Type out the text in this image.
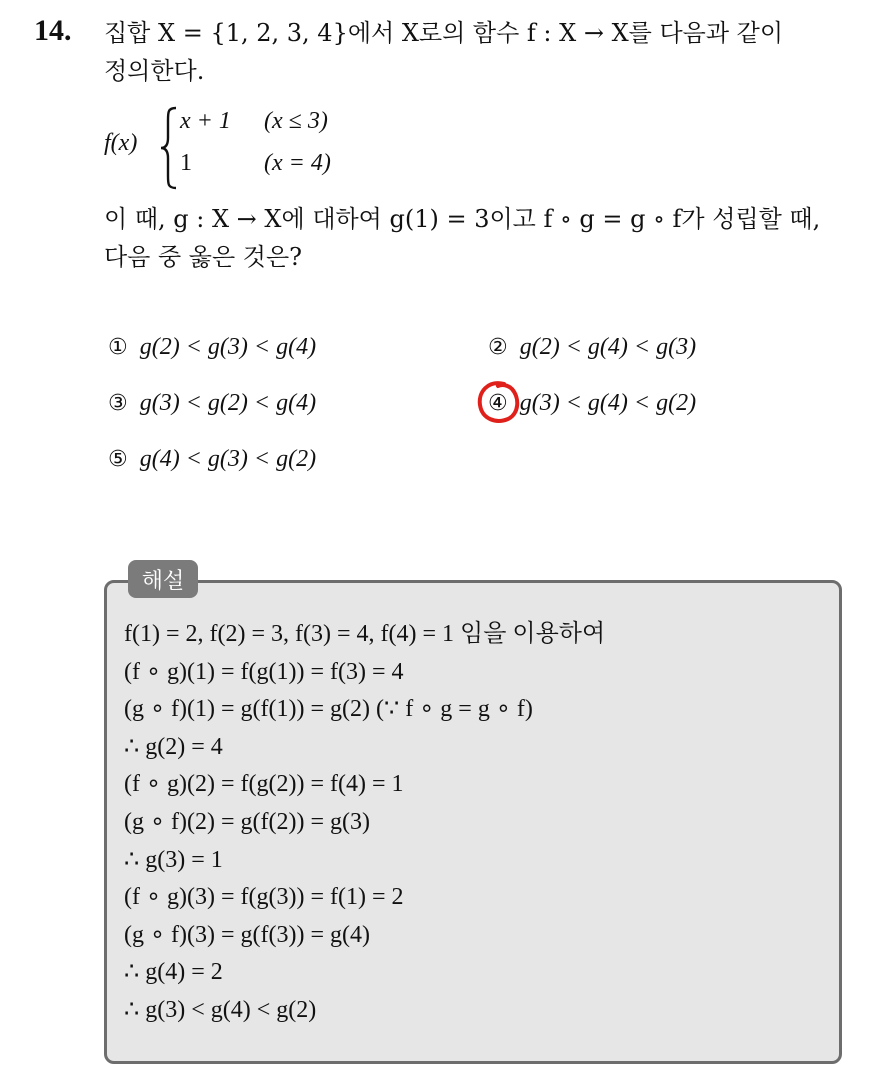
14. 집합 X = {1, 2, 3, 4}에서 X로의 함수 f : X → X를 다음과 같이
정의한다.
f(x)
x + 1 (x ≤ 3)
1	(x = 4)
이 때, g : X → X에 대하여 g(1) = 3이고 f ∘ g = g ∘ f가 성립할 때,
다음 중 옳은 것은?
① g(2) < g(3) < g(4)	② g(2) < g(4) < g(3)
③ g(3) < g(2) < g(4)	④ g(3) < g(4) < g(2)
⑤ g(4) < g(3) < g(2)
해설
f(1) = 2, f(2) = 3, f(3) = 4, f(4) = 1 임을 이용하여
(f ∘ g)(1) = f(g(1)) = f(3) = 4
(g ∘ f)(1) = g(f(1)) = g(2) (∵ f ∘ g = g ∘ f)
∴ g(2) = 4
(f ∘ g)(2) = f(g(2)) = f(4) = 1
(g ∘ f)(2) = g(f(2)) = g(3)
∴ g(3) = 1
(f ∘ g)(3) = f(g(3)) = f(1) = 2
(g ∘ f)(3) = g(f(3)) = g(4)
∴ g(4) = 2
∴ g(3) < g(4) < g(2)
